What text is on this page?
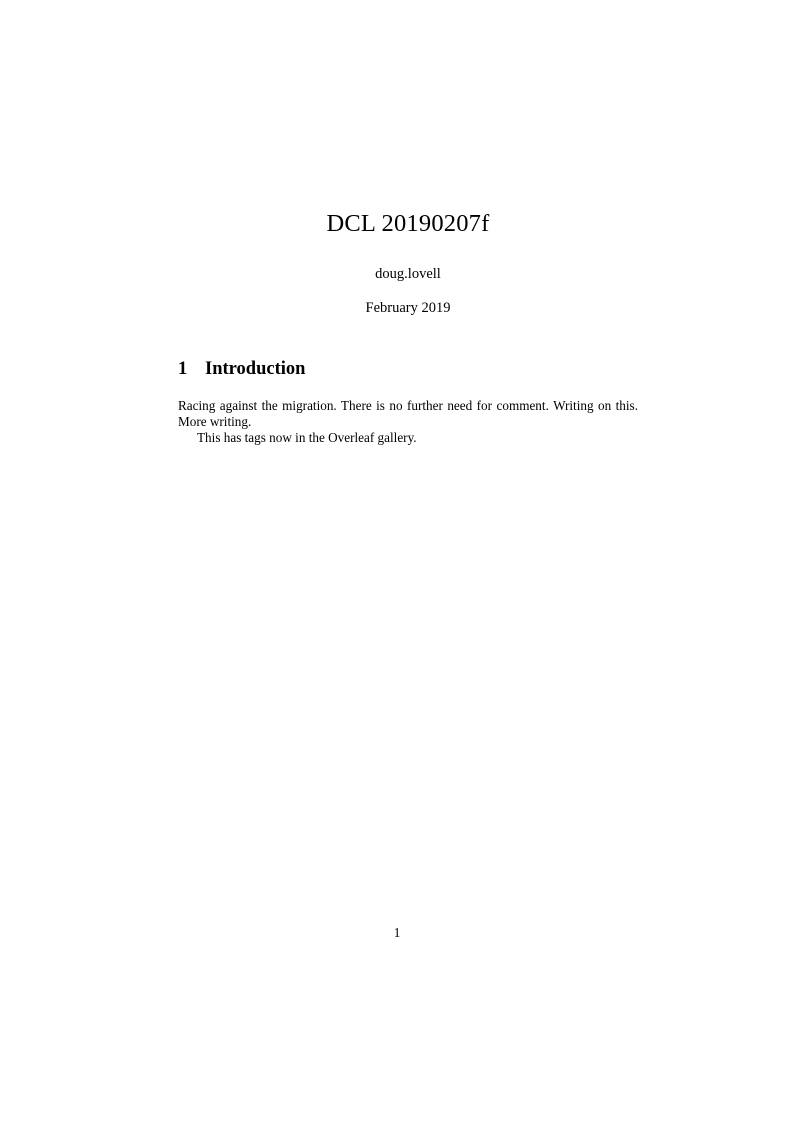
DCL 20190207f

doug.lovell

February 2019

1 Introduction

Racing against the migration. There is no further need for comment. Writing on this. More writing.

This has tags now in the Overleaf gallery.

1
